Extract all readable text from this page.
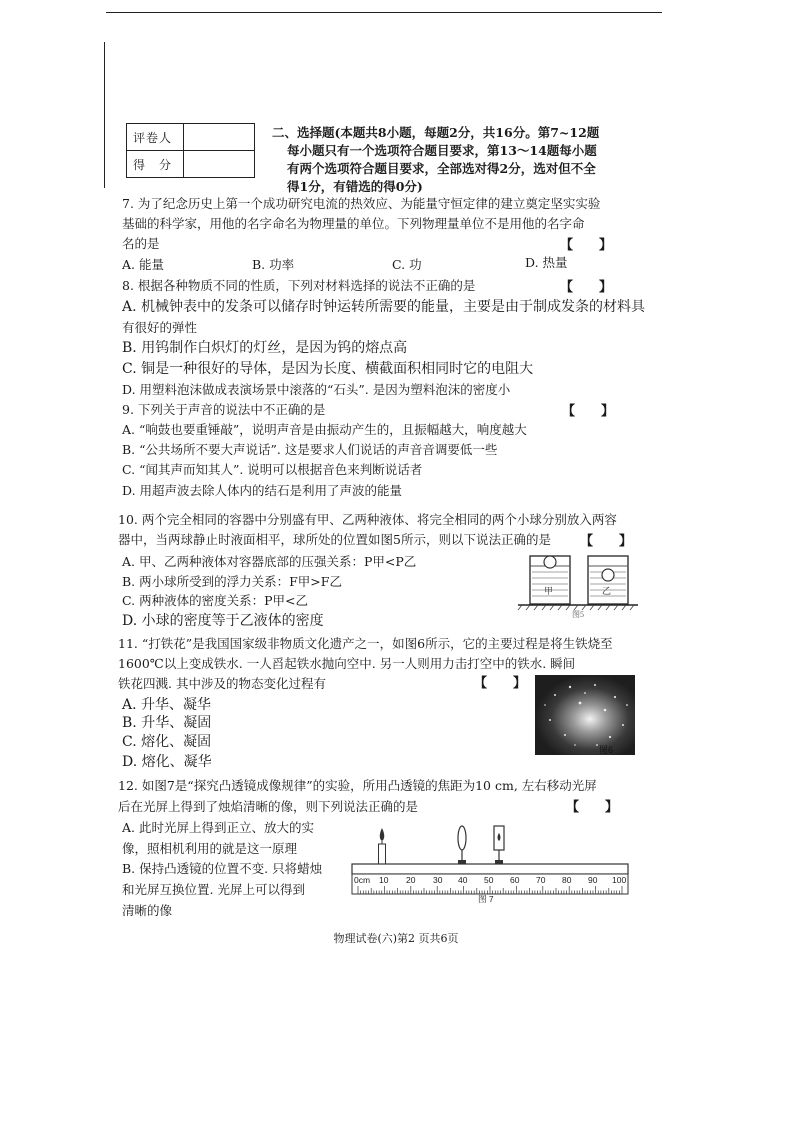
评卷人	
得　分	
二、选择题(本题共8小题，每题2分，共16分。第7~12题
每小题只有一个选项符合题目要求，第13～14题每小题
有两个选项符合题目要求，全部选对得2分，选对但不全
得1分，有错选的得0分)
7. 为了纪念历史上第一个成功研究电流的热效应、为能量守恒定律的建立奠定坚实实验
基础的科学家，用他的名字命名为物理量的单位。下列物理量单位不是用他的名字命
名的是	【　　】
A. 能量	B. 功率	C. 功	D. 热量
8. 根据各种物质不同的性质，下列对材料选择的说法不正确的是	【　　】
A. 机械钟表中的发条可以储存时钟运转所需要的能量，主要是由于制成发条的材料具
有很好的弹性
B. 用钨制作白炽灯的灯丝，是因为钨的熔点高
C. 铜是一种很好的导体，是因为长度、横截面积相同时它的电阻大
D. 用塑料泡沫做成表演场景中滚落的“石头”. 是因为塑料泡沫的密度小
9. 下列关于声音的说法中不正确的是	【　　】
A. “响鼓也要重锤敲”，说明声音是由振动产生的，且振幅越大，响度越大
B. “公共场所不要大声说话”. 这是要求人们说话的声音音调要低一些
C. “闻其声而知其人”. 说明可以根据音色来判断说话者
D. 用超声波去除人体内的结石是利用了声波的能量
10. 两个完全相同的容器中分别盛有甲、乙两种液体、将完全相同的两个小球分别放入两容
器中，当两球静止时液面相平，球所处的位置如图5所示，则以下说法正确的是 【　　】
A. 甲、乙两种液体对容器底部的压强关系：P甲<P乙
B. 两小球所受到的浮力关系：F甲>F乙
C. 两种液体的密度关系：P甲<乙
D. 小球的密度等于乙液体的密度
甲	乙
图5
11. “打铁花”是我国国家级非物质文化遗产之一，如图6所示，它的主要过程是将生铁烧至
1600℃以上变成铁水. 一人舀起铁水抛向空中. 另一人则用力击打空中的铁水. 瞬间
铁花四溅. 其中涉及的物态变化过程有	【　　】
A. 升华、凝华
B. 升华、凝固
C. 熔化、凝固
D. 熔化、凝华
图6
12. 如图7是“探究凸透镜成像规律”的实验，所用凸透镜的焦距为10 cm, 左右移动光屏
后在光屏上得到了烛焰清晰的像，则下列说法正确的是	【　　】
A. 此时光屏上得到正立、放大的实
像，照相机利用的就是这一原理
B. 保持凸透镜的位置不变. 只将蜡烛
和光屏互换位置. 光屏上可以得到
清晰的像
0cm 10 20 30 40 50 60 70 80 90 100
图 7
物理试卷(六)第2 页共6页
